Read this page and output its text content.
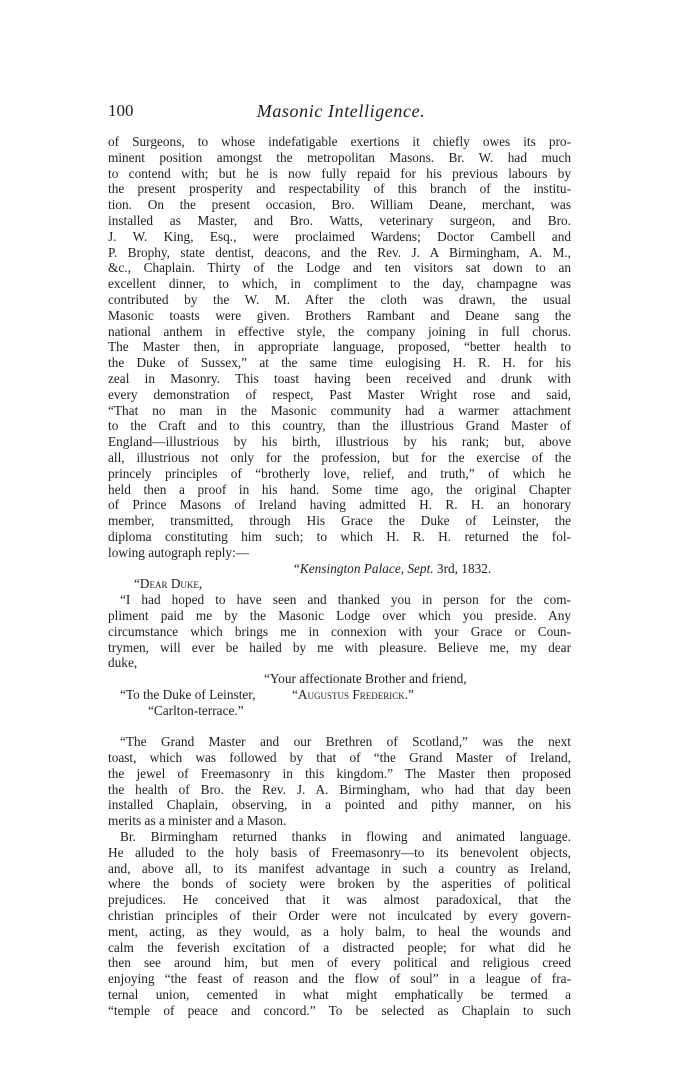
100	Masonic Intelligence.
of Surgeons, to whose indefatigable exertions it chiefly owes its pro-
minent position amongst the metropolitan Masons. Br. W. had much
to contend with; but he is now fully repaid for his previous labours by
the present prosperity and respectability of this branch of the institu-
tion. On the present occasion, Bro. William Deane, merchant, was
installed as Master, and Bro. Watts, veterinary surgeon, and Bro.
J. W. King, Esq., were proclaimed Wardens; Doctor Cambell and
P. Brophy, state dentist, deacons, and the Rev. J. A Birmingham, A. M.,
&c., Chaplain. Thirty of the Lodge and ten visitors sat down to an
excellent dinner, to which, in compliment to the day, champagne was
contributed by the W. M. After the cloth was drawn, the usual
Masonic toasts were given. Brothers Rambant and Deane sang the
national anthem in effective style, the company joining in full chorus.
The Master then, in appropriate language, proposed, “better health to
the Duke of Sussex,” at the same time eulogising H. R. H. for his
zeal in Masonry. This toast having been received and drunk with
every demonstration of respect, Past Master Wright rose and said,
“That no man in the Masonic community had a warmer attachment
to the Craft and to this country, than the illustrious Grand Master of
England—illustrious by his birth, illustrious by his rank; but, above
all, illustrious not only for the profession, but for the exercise of the
princely principles of “brotherly love, relief, and truth,” of which he
held then a proof in his hand. Some time ago, the original Chapter
of Prince Masons of Ireland having admitted H. R. H. an honorary
member, transmitted, through His Grace the Duke of Leinster, the
diploma constituting him such; to which H. R. H. returned the fol-
lowing autograph reply:—
“Kensington Palace, Sept. 3rd, 1832.
“Dear Duke,
“I had hoped to have seen and thanked you in person for the com-
pliment paid me by the Masonic Lodge over which you preside. Any
circumstance which brings me in connexion with your Grace or Coun-
trymen, will ever be hailed by me with pleasure. Believe me, my dear
duke,
“Your affectionate Brother and friend,
“To the Duke of Leinster,	“Augustus Frederick.”
“Carlton-terrace.”
“The Grand Master and our Brethren of Scotland,” was the next
toast, which was followed by that of “the Grand Master of Ireland,
the jewel of Freemasonry in this kingdom.” The Master then proposed
the health of Bro. the Rev. J. A. Birmingham, who had that day been
installed Chaplain, observing, in a pointed and pithy manner, on his
merits as a minister and a Mason.
Br. Birmingham returned thanks in flowing and animated language.
He alluded to the holy basis of Freemasonry—to its benevolent objects,
and, above all, to its manifest advantage in such a country as Ireland,
where the bonds of society were broken by the asperities of political
prejudices. He conceived that it was almost paradoxical, that the
christian principles of their Order were not inculcated by every govern-
ment, acting, as they would, as a holy balm, to heal the wounds and
calm the feverish excitation of a distracted people; for what did he
then see around him, but men of every political and religious creed
enjoying “the feast of reason and the flow of soul” in a league of fra-
ternal union, cemented in what might emphatically be termed a
“temple of peace and concord.” To be selected as Chaplain to such
